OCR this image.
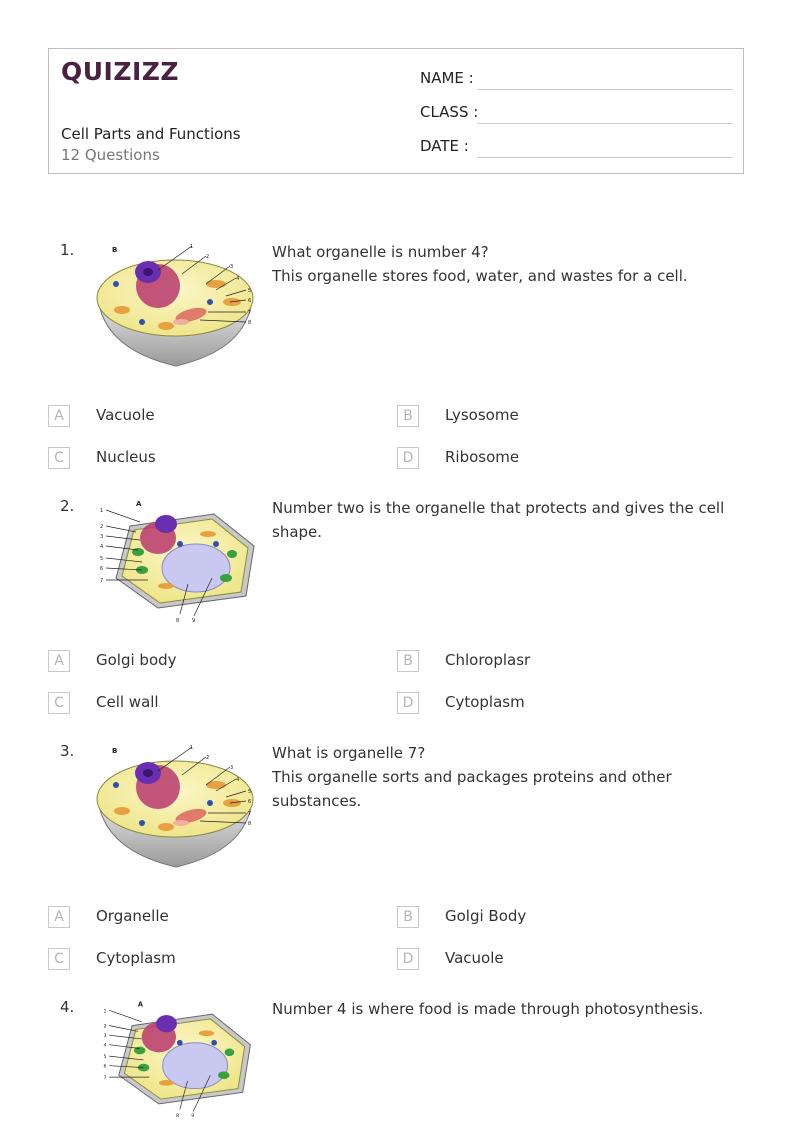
QUIZIZZ
Cell Parts and Functions
12 Questions
NAME :
CLASS :
DATE :
1.	B	1
2
3
4
5
6
7
8

What organelle is number 4?

This organelle stores food, water, and wastes for a cell.

A	Vacuole	B	Lysosome
C	Nucleus	D	Ribosome
2.	A
1
2
3
4
5
6
7
8	9

Number two is the organelle that protects and gives the cell shape.

A	Golgi body	B	Chloroplasr
C	Cell wall	D	Cytoplasm
3.	B	1
2
3
4
5
6
7
8

What is organelle 7?

This organelle sorts and packages proteins and other substances.

A	Organelle	B	Golgi Body
C	Cytoplasm	D	Vacuole
4.	A
1
2
3
4
5
6
7
8 9

Number 4 is where food is made through photosynthesis.
